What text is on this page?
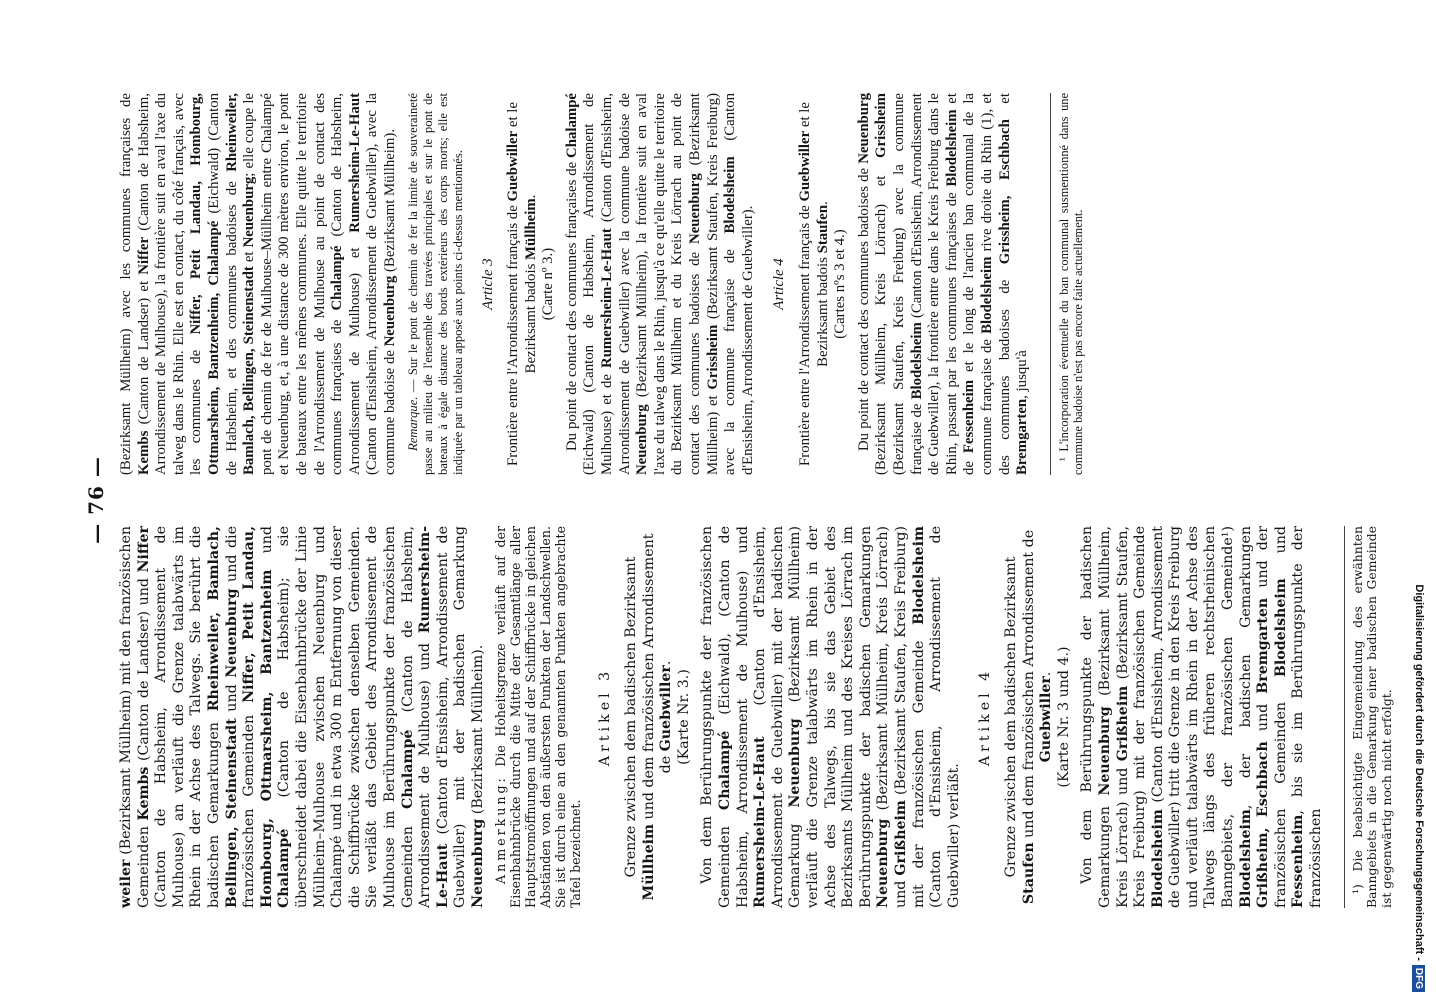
— 76 —

weiler (Bezirksamt Müllheim) mit den französischen Gemeinden Kembs (Canton de Landser) und Niffer (Canton de Habsheim, Arrondissement de Mulhouse) an verläuft die Grenze talabwärts im Rhein in der Achse des Talwegs. Sie berührt die badischen Gemarkungen Rheinweiler, Bamlach, Bellingen, Steinenstadt und Neuenburg und die französischen Gemeinden Niffer, Petit Landau, Hombourg, Ottmarsheim, Bantzenheim und Chalampé (Canton de Habsheim); sie überschneidet dabei die Eisenbahnbrücke der Linie Müllheim–Mulhouse zwischen Neuenburg und Chalampé und in etwa 300 m Entfernung von dieser die Schiffbrücke zwischen denselben Gemeinden. Sie verläßt das Gebiet des Arrondissement de Mulhouse im Berührungspunkte der französischen Gemeinden Chalampé (Canton de Habsheim, Arrondissement de Mulhouse) und Rumersheim-Le-Haut (Canton d'Ensisheim, Arrondissement de Guebwiller) mit der badischen Gemarkung Neuenburg (Bezirksamt Müllheim).

Anmerkung: Die Hoheitsgrenze verläuft auf der Eisenbahnbrücke durch die Mitte der Gesamtlänge aller Hauptstromöffnungen und auf der Schiffbrücke in gleichen Abständen von den äußersten Punkten der Landschwellen. Sie ist durch eine an den genannten Punkten angebrachte Tafel bezeichnet.

Artikel 3 Grenze zwischen dem badischen Bezirksamt Müllheim und dem französischen Arrondissement de Guebwiller.

(Karte Nr. 3.) Von dem Berührungspunkte der französischen Gemeinden Chalampé (Eichwald), (Canton de Habsheim, Arrondissement de Mulhouse) und Rumersheim-Le-Haut (Canton d'Ensisheim, Arrondissement de Guebwiller) mit der badischen Gemarkung Neuenburg (Bezirksamt Müllheim) verläuft die Grenze talabwärts im Rhein in der Achse des Talwegs, bis sie das Gebiet des Bezirksamts Müllheim und des Kreises Lörrach im Berührungspunkte der badischen Gemarkungen Neuenburg (Bezirksamt Müllheim, Kreis Lörrach) und Grißheim (Bezirksamt Staufen, Kreis Freiburg) mit der französischen Gemeinde Blodelsheim (Canton d'Ensisheim, Arrondissement de Guebwiller) verläßt.

Artikel 4 Grenze zwischen dem badischen Bezirksamt Staufen und dem französischen Arrondissement de Guebwiller. (Karte Nr. 3 und 4.) Von dem Berührungspunkte der badischen Gemarkungen Neuenburg (Bezirksamt Müllheim, Kreis Lörrach) und Grißheim (Bezirksamt Staufen, Kreis Freiburg) mit der französischen Gemeinde Blodelsheim (Canton d'Ensisheim, Arrondissement de Guebwiller) tritt die Grenze in den Kreis Freiburg und verläuft talabwärts im Rhein in der Achse des Talwegs längs des früheren rechtsrheinischen Banngebiets, der französischen Gemeinde¹) Blodelsheim, der badischen Gemarkungen Grißheim, Eschbach und Bremgarten und der französischen Gemeinden Blodelsheim und Fessenheim, bis sie im Berührungspunkte der französischen	¹) Die beabsichtigte Eingemeindung des erwähnten Banngebiets in die Gemarkung einer badischen Gemeinde ist gegenwärtig noch nicht erfolgt.

(Bezirksamt Müllheim) avec les communes françaises de Kembs (Canton de Landser) et Niffer (Canton de Habsheim, Arrondissement de Mulhouse), la frontière suit en aval l'axe du talweg dans le Rhin. Elle est en contact, du côté français, avec les communes de Niffer, Petit Landau, Hombourg, Ottmarsheim, Bantzenheim, Chalampé (Eichwald) (Canton de Habsheim, et des communes badoises de Rheinweiler, Bamlach, Bellingen, Steinenstadt et Neuenburg; elle coupe le pont de chemin de fer de Mulhouse–Müllheim entre Chalampé et Neuenburg, et, à une distance de 300 mètres environ, le pont de bateaux entre les mêmes communes. Elle quitte le territoire de l'Arrondissement de Mulhouse au point de contact des communes françaises de Chalampé (Canton de Habsheim, Arrondissement de Mulhouse) et Rumersheim-Le-Haut (Canton d'Ensisheim, Arrondissement de Guebwiller), avec la commune badoise de Neuenburg (Bezirksamt Müllheim).

Remarque. — Sur le pont de chemin de fer la limite de souveraineté passe au milieu de l'ensemble des travées principales et sur le pont de bateaux à égale distance des bords extérieurs des corps morts; elle est indiquée par un tableau apposé aux points ci-dessus mentionnés. Article 3 Frontière entre l'Arrondissement français de Guebwiller et le Bezirksamt badois Müllheim.

(Carte nº 3.) Du point de contact des communes françaises de Chalampé (Eichwald) (Canton de Habsheim, Arrondissement de Mulhouse) et de Rumersheim-Le-Haut (Canton d'Ensisheim, Arrondissement de Guebwiller) avec la commune badoise de Neuenburg (Bezirksamt Müllheim), la frontière suit en aval l'axe du talweg dans le Rhin, jusqu'à ce qu'elle quitte le territoire du Bezirksamt Müllheim et du Kreis Lörrach au point de contact des communes badoises de Neuenburg (Bezirksamt Müllheim) et Grissheim (Bezirksamt Staufen, Kreis Freiburg) avec la commune française de Blodelsheim (Canton d'Ensisheim, Arrondissement de Guebwiller). Article 4 Frontière entre l'Arrondissement français de Guebwiller et le Bezirksamt badois Staufen.

(Cartes nºs 3 et 4.) Du point de contact des communes badoises de Neuenburg (Bezirksamt Müllheim, Kreis Lörrach) et Grissheim (Bezirksamt Staufen, Kreis Freiburg) avec la commune française de Blodelsheim (Canton d'Ensisheim, Arrondissement de Guebwiller), la frontière entre dans le Kreis Freiburg dans le Rhin, passant par les communes françaises de Blodelsheim et de Fessenheim et le long de l'ancien ban communal de la commune française de Blodelsheim rive droite du Rhin (1), et des communes badoises de Grissheim, Eschbach et Bremgarten, jusqu'à	¹ L'incorporation éventuelle du ban communal susmentionné dans une commune badoise n'est pas encore faite actuellement.

Digitalisierung gefördert durch die Deutsche Forschungsgemeinschaft -DFG
